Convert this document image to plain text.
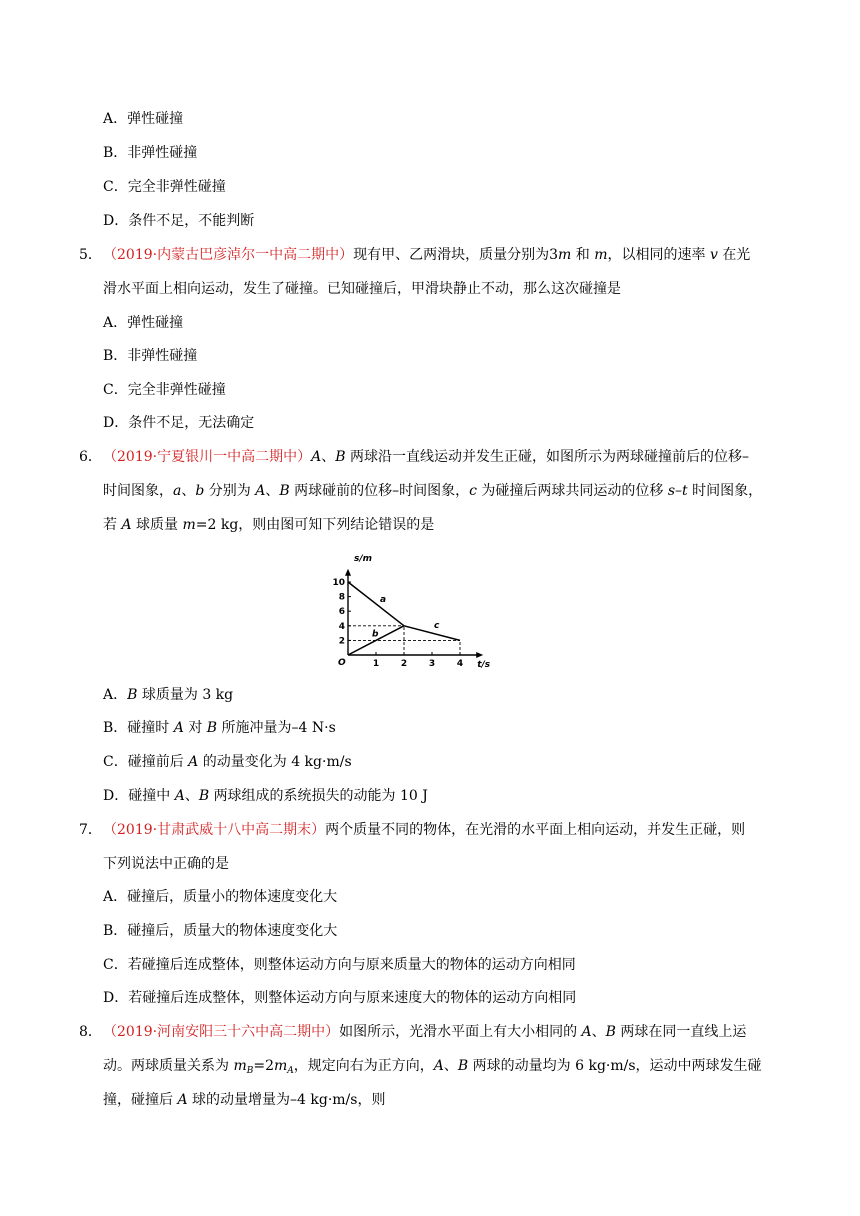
A．弹性碰撞
B．非弹性碰撞
C．完全非弹性碰撞
D．条件不足，不能判断
5． （2019·内蒙古巴彦淖尔一中高二期中）现有甲、乙两滑块，质量分别为3m 和 m，以相同的速率 v 在光
滑水平面上相向运动，发生了碰撞。已知碰撞后，甲滑块静止不动，那么这次碰撞是
A．弹性碰撞
B．非弹性碰撞
C．完全非弹性碰撞
D．条件不足，无法确定
6． （2019·宁夏银川一中高二期中）A、B 两球沿一直线运动并发生正碰，如图所示为两球碰撞前后的位移–
时间图象，a、b 分别为 A、B 两球碰前的位移–时间图象，c 为碰撞后两球共同运动的位移 s–t 时间图象，
若 A 球质量 m=2 kg，则由图可知下列结论错误的是
1 2 3 4
2
4
6
8
10
a
b
c
s/m
t/s
O
A．B 球质量为 3 kg
B．碰撞时 A 对 B 所施冲量为–4 N·s
C．碰撞前后 A 的动量变化为 4 kg·m/s
D．碰撞中 A、B 两球组成的系统损失的动能为 10 J
7． （2019·甘肃武威十八中高二期末）两个质量不同的物体，在光滑的水平面上相向运动，并发生正碰，则
下列说法中正确的是
A．碰撞后，质量小的物体速度变化大
B．碰撞后，质量大的物体速度变化大
C．若碰撞后连成整体，则整体运动方向与原来质量大的物体的运动方向相同
D．若碰撞后连成整体，则整体运动方向与原来速度大的物体的运动方向相同
8． （2019·河南安阳三十六中高二期中）如图所示，光滑水平面上有大小相同的 A、B 两球在同一直线上运
动。两球质量关系为 $m_B=2m_A$，规定向右为正方向，A、B 两球的动量均为 6 kg·m/s，运动中两球发生碰
撞，碰撞后 A 球的动量增量为–4 kg·m/s，则
